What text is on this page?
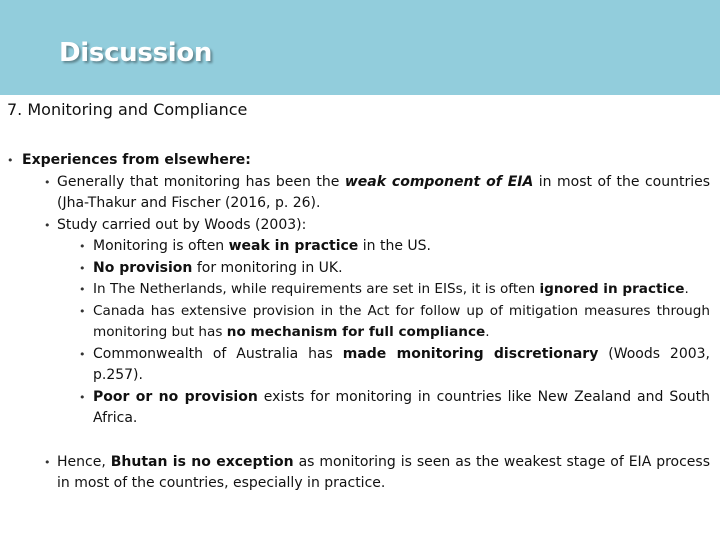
Discussion
7. Monitoring and Compliance
• Experiences from elsewhere:
• Generally that monitoring has been the weak component of EIA in most of the countries (Jha-Thakur and Fischer (2016, p. 26).
• Study carried out by Woods (2003):
• Monitoring is often weak in practice in the US.
• No provision for monitoring in UK.
• In The Netherlands, while requirements are set in EISs, it is often ignored in practice.
• Canada has extensive provision in the Act for follow up of mitigation measures through monitoring but has no mechanism for full compliance.
• Commonwealth of Australia has made monitoring discretionary (Woods 2003, p.257).
• Poor or no provision exists for monitoring in countries like New Zealand and South Africa.
• Hence, Bhutan is no exception as monitoring is seen as the weakest stage of EIA process in most of the countries, especially in practice.
